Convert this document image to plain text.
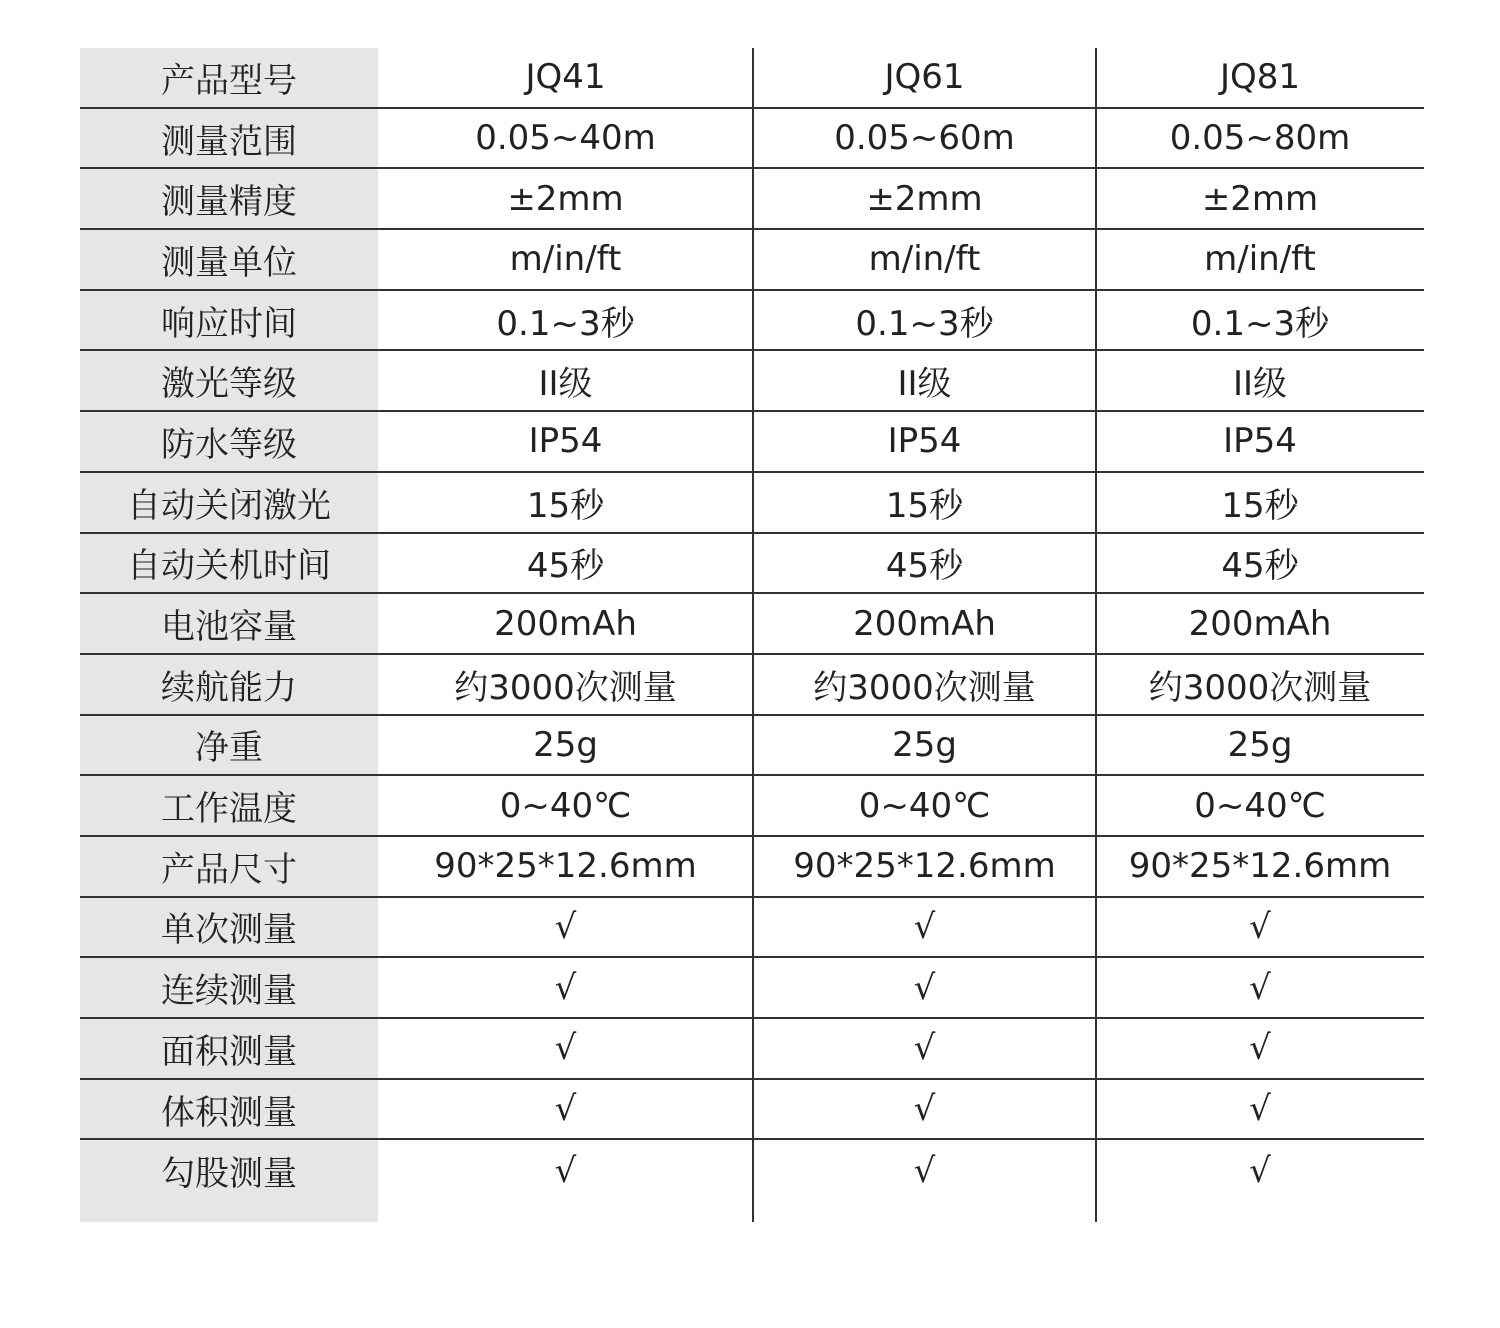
产品型号	JQ41	JQ61	JQ81
测量范围	0.05~40m	0.05~60m	0.05~80m
测量精度	±2mm	±2mm	±2mm
测量单位	m/in/ft	m/in/ft	m/in/ft
响应时间	0.1~3秒	0.1~3秒	0.1~3秒
激光等级	II级	II级	II级
防水等级	IP54	IP54	IP54
自动关闭激光	15秒	15秒	15秒
自动关机时间	45秒	45秒	45秒
电池容量	200mAh	200mAh	200mAh
续航能力	约3000次测量	约3000次测量	约3000次测量
净重	25g	25g	25g
工作温度	0~40℃	0~40℃	0~40℃
产品尺寸	90*25*12.6mm	90*25*12.6mm	90*25*12.6mm
单次测量	√	√	√
连续测量	√	√	√
面积测量	√	√	√
体积测量	√	√	√
勾股测量	√	√	√
